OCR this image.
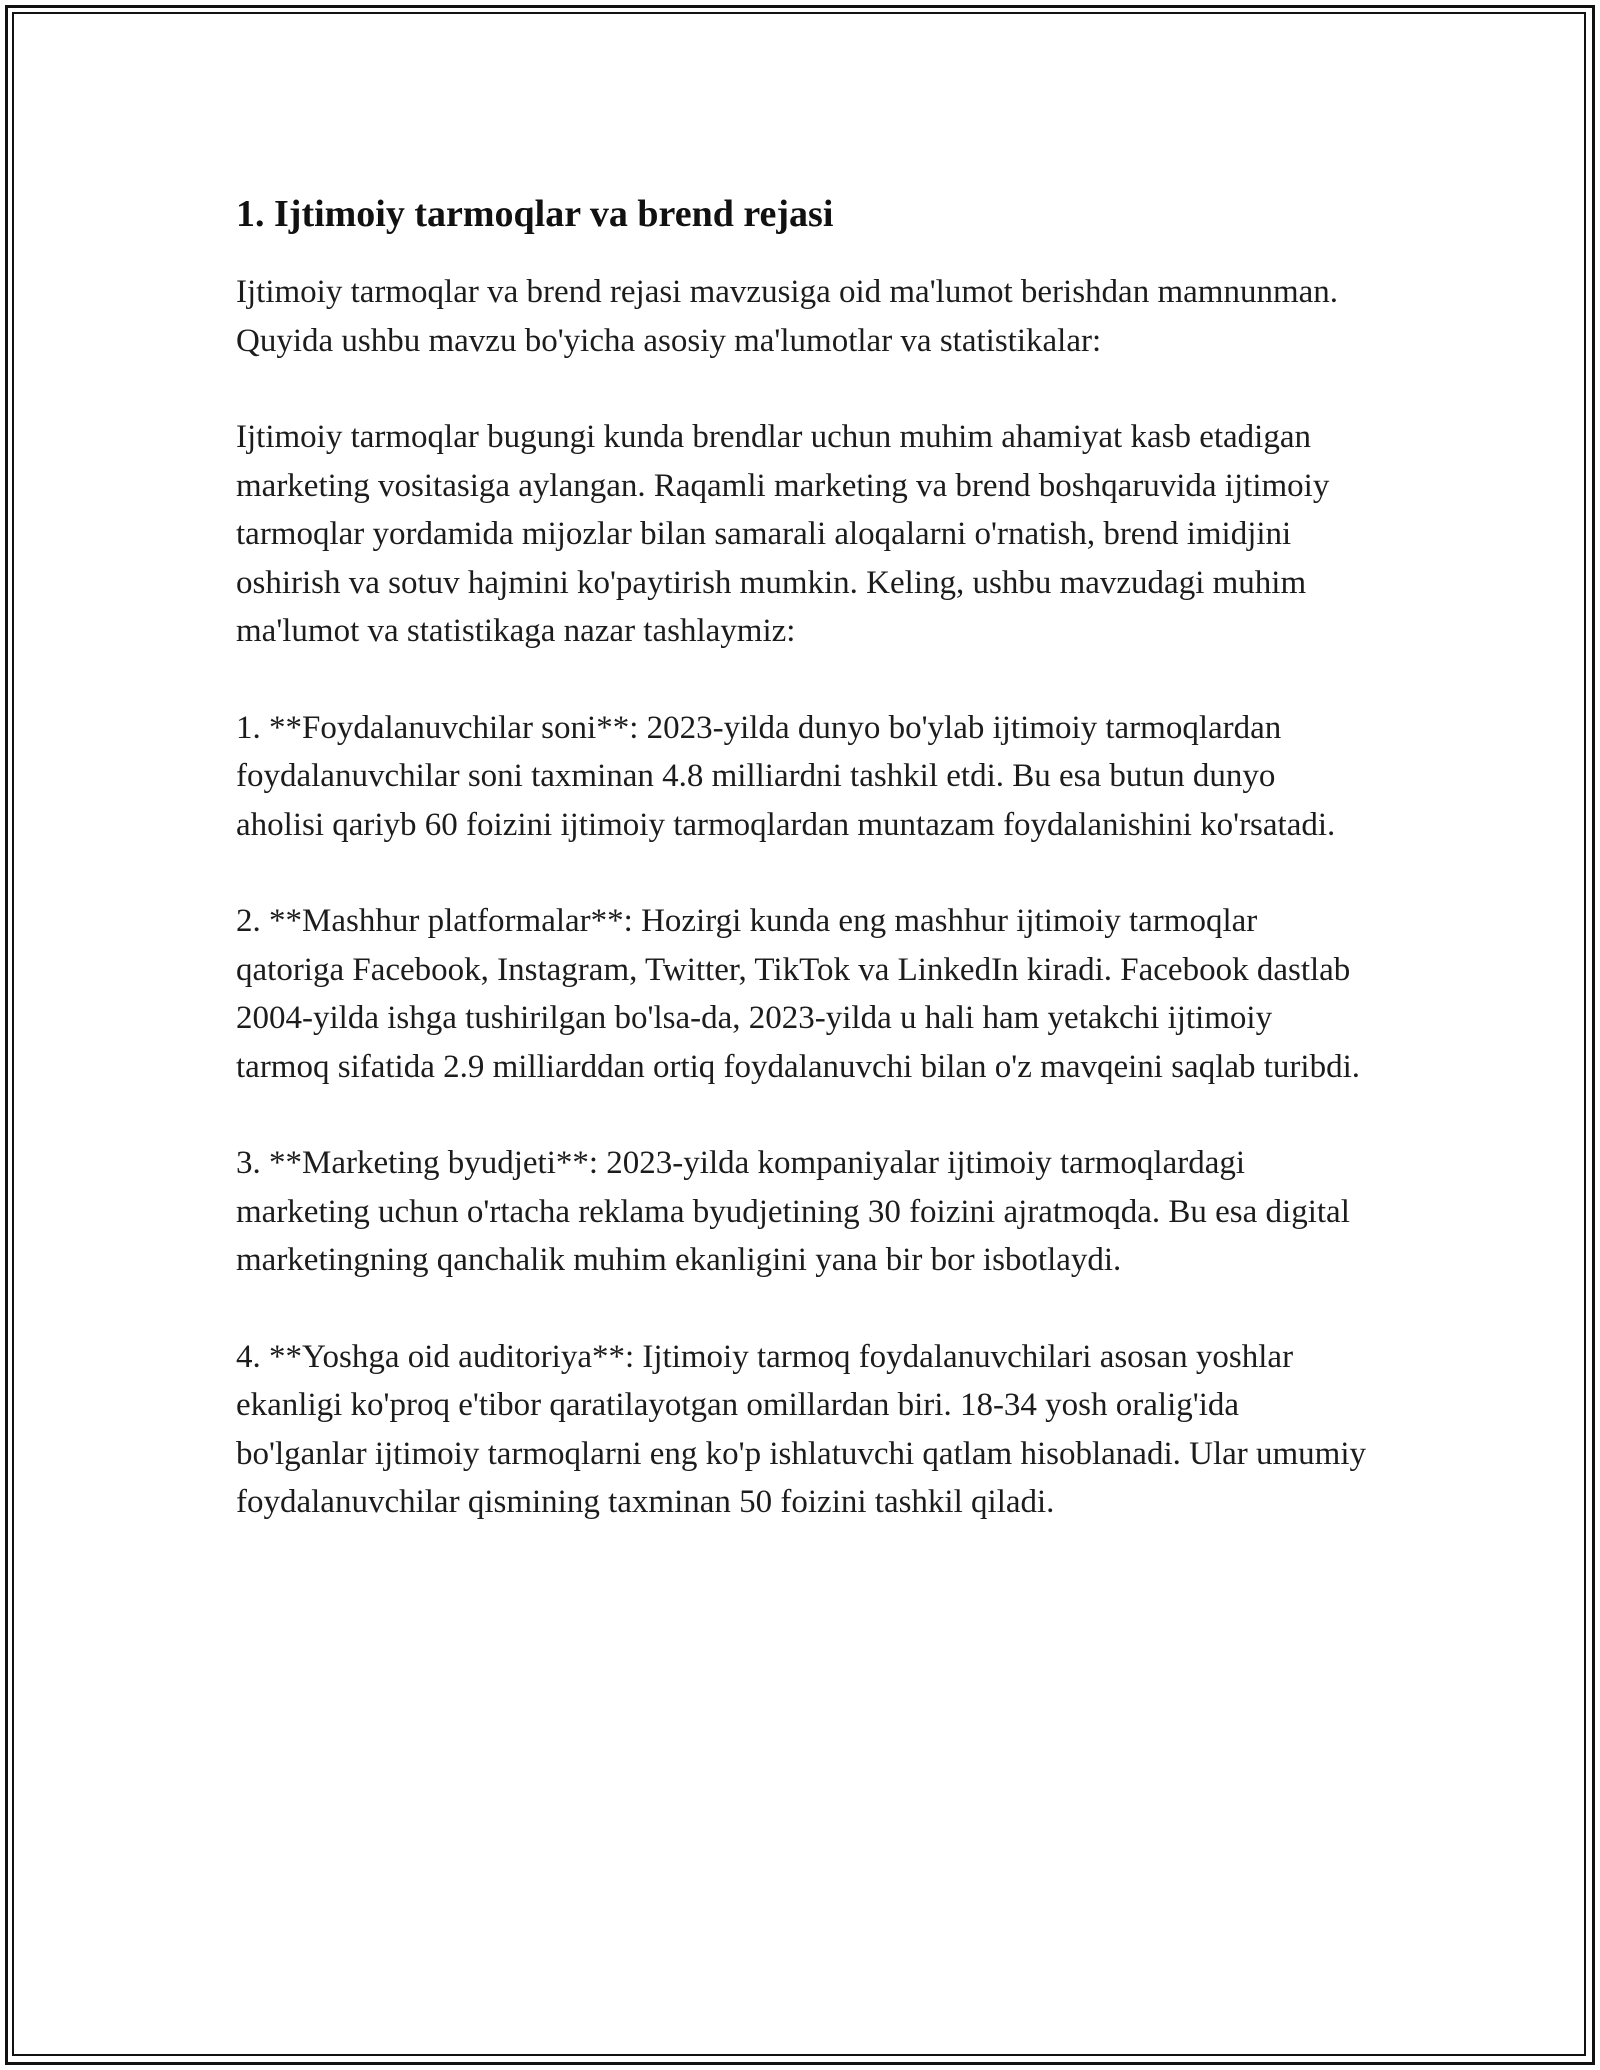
1. Ijtimoiy tarmoqlar va brend rejasi

Ijtimoiy tarmoqlar va brend rejasi mavzusiga oid ma'lumot berishdan mamnunman. Quyida ushbu mavzu bo'yicha asosiy ma'lumotlar va statistikalar:

Ijtimoiy tarmoqlar bugungi kunda brendlar uchun muhim ahamiyat kasb etadigan marketing vositasiga aylangan. Raqamli marketing va brend boshqaruvida ijtimoiy tarmoqlar yordamida mijozlar bilan samarali aloqalarni o'rnatish, brend imidjini oshirish va sotuv hajmini ko'paytirish mumkin. Keling, ushbu mavzudagi muhim ma'lumot va statistikaga nazar tashlaymiz:

1. **Foydalanuvchilar soni**: 2023-yilda dunyo bo'ylab ijtimoiy tarmoqlardan foydalanuvchilar soni taxminan 4.8 milliardni tashkil etdi. Bu esa butun dunyo aholisi qariyb 60 foizini ijtimoiy tarmoqlardan muntazam foydalanishini ko'rsatadi.

2. **Mashhur platformalar**: Hozirgi kunda eng mashhur ijtimoiy tarmoqlar qatoriga Facebook, Instagram, Twitter, TikTok va LinkedIn kiradi. Facebook dastlab 2004-yilda ishga tushirilgan bo'lsa-da, 2023-yilda u hali ham yetakchi ijtimoiy tarmoq sifatida 2.9 milliarddan ortiq foydalanuvchi bilan o'z mavqeini saqlab turibdi.

3. **Marketing byudjeti**: 2023-yilda kompaniyalar ijtimoiy tarmoqlardagi marketing uchun o'rtacha reklama byudjetining 30 foizini ajratmoqda. Bu esa digital marketingning qanchalik muhim ekanligini yana bir bor isbotlaydi.

4. **Yoshga oid auditoriya**: Ijtimoiy tarmoq foydalanuvchilari asosan yoshlar ekanligi ko'proq e'tibor qaratilayotgan omillardan biri. 18-34 yosh oralig'ida bo'lganlar ijtimoiy tarmoqlarni eng ko'p ishlatuvchi qatlam hisoblanadi. Ular umumiy foydalanuvchilar qismining taxminan 50 foizini tashkil qiladi.
